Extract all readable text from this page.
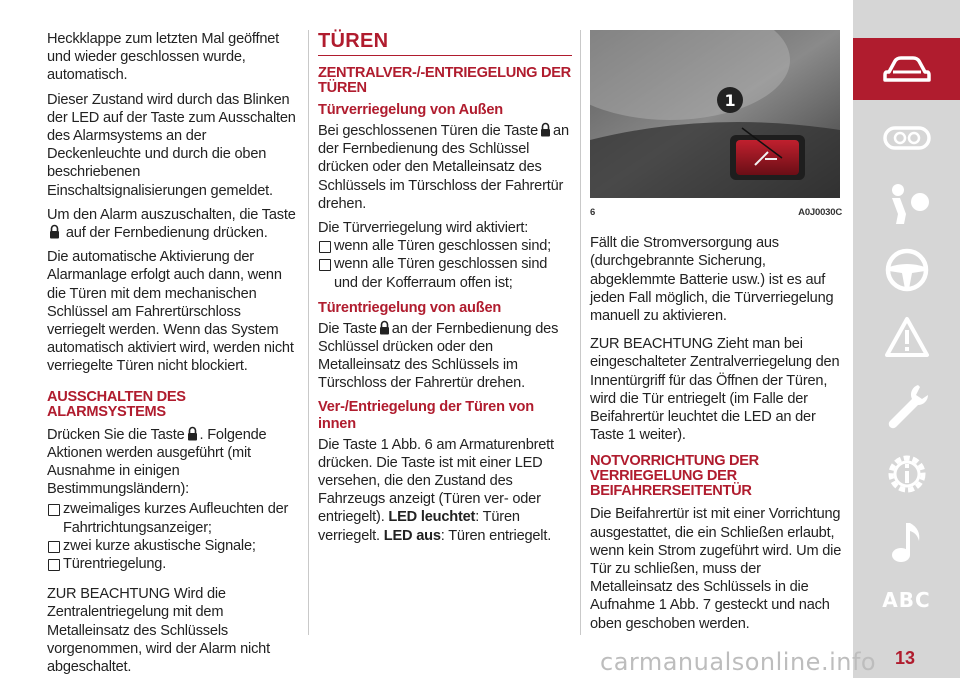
Heckklappe zum letzten Mal geöffnet und wieder geschlossen wurde, automatisch.

Dieser Zustand wird durch das Blinken der LED auf der Taste zum Ausschalten des Alarmsystems an der Deckenleuchte und durch die oben beschriebenen Einschaltsignalisierungen gemeldet.

Um den Alarm auszuschalten, die Taste
auf der Fernbedienung drücken.

Die automatische Aktivierung der Alarmanlage erfolgt auch dann, wenn die Türen mit dem mechanischen Schlüssel am Fahrertürschloss verriegelt werden. Wenn das System automatisch aktiviert wird, werden nicht verriegelte Türen nicht blockiert.

AUSSCHALTEN DES ALARMSYSTEMS

Drücken Sie die Taste . Folgende Aktionen werden ausgeführt (mit Ausnahme in einigen Bestimmungsländern):

zweimaliges kurzes Aufleuchten der Fahrtrichtungsanzeiger;
zwei kurze akustische Signale;
Türentriegelung.

ZUR BEACHTUNG Wird die Zentralentriegelung mit dem Metalleinsatz des Schlüssels vorgenommen, wird der Alarm nicht abgeschaltet.

TÜREN
ZENTRALVER-/-ENTRIEGELUNG DER TÜREN
Türverriegelung von Außen

Bei geschlossenen Türen die Taste an der Fernbedienung des Schlüssel drücken oder den Metalleinsatz des Schlüssels im Türschloss der Fahrertür drehen.

Die Türverriegelung wird aktiviert:

wenn alle Türen geschlossen sind;
wenn alle Türen geschlossen sind und der Kofferraum offen ist;
Türentriegelung von außen

Die Taste an der Fernbedienung des Schlüssel drücken oder den Metalleinsatz des Schlüssels im Türschloss der Fahrertür drehen.

Ver-/Entriegelung der Türen von innen

Die Taste 1 Abb. 6 am Armaturenbrett drücken. Die Taste ist mit einer LED versehen, die den Zustand des Fahrzeugs anzeigt (Türen ver- oder entriegelt). LED leuchtet: Türen verriegelt. LED aus: Türen entriegelt.

1
6	A0J0030C

Fällt die Stromversorgung aus (durchgebrannte Sicherung, abgeklemmte Batterie usw.) ist es auf jeden Fall möglich, die Türverriegelung manuell zu aktivieren.

ZUR BEACHTUNG Zieht man bei eingeschalteter Zentralverriegelung den Innentürgriff für das Öffnen der Türen, wird die Tür entriegelt (im Falle der Beifahrertür leuchtet die LED an der Taste 1 weiter).

NOTVORRICHTUNG DER VERRIEGELUNG DER BEIFAHRERSEITENTÜR

Die Beifahrertür ist mit einer Vorrichtung ausgestattet, die ein Schließen erlaubt, wenn kein Strom zugeführt wird. Um die Tür zu schließen, muss der Metalleinsatz des Schlüssels in die Aufnahme 1 Abb. 7 gesteckt und nach oben geschoben werden.

ABC
carmanualsonline.info	13
